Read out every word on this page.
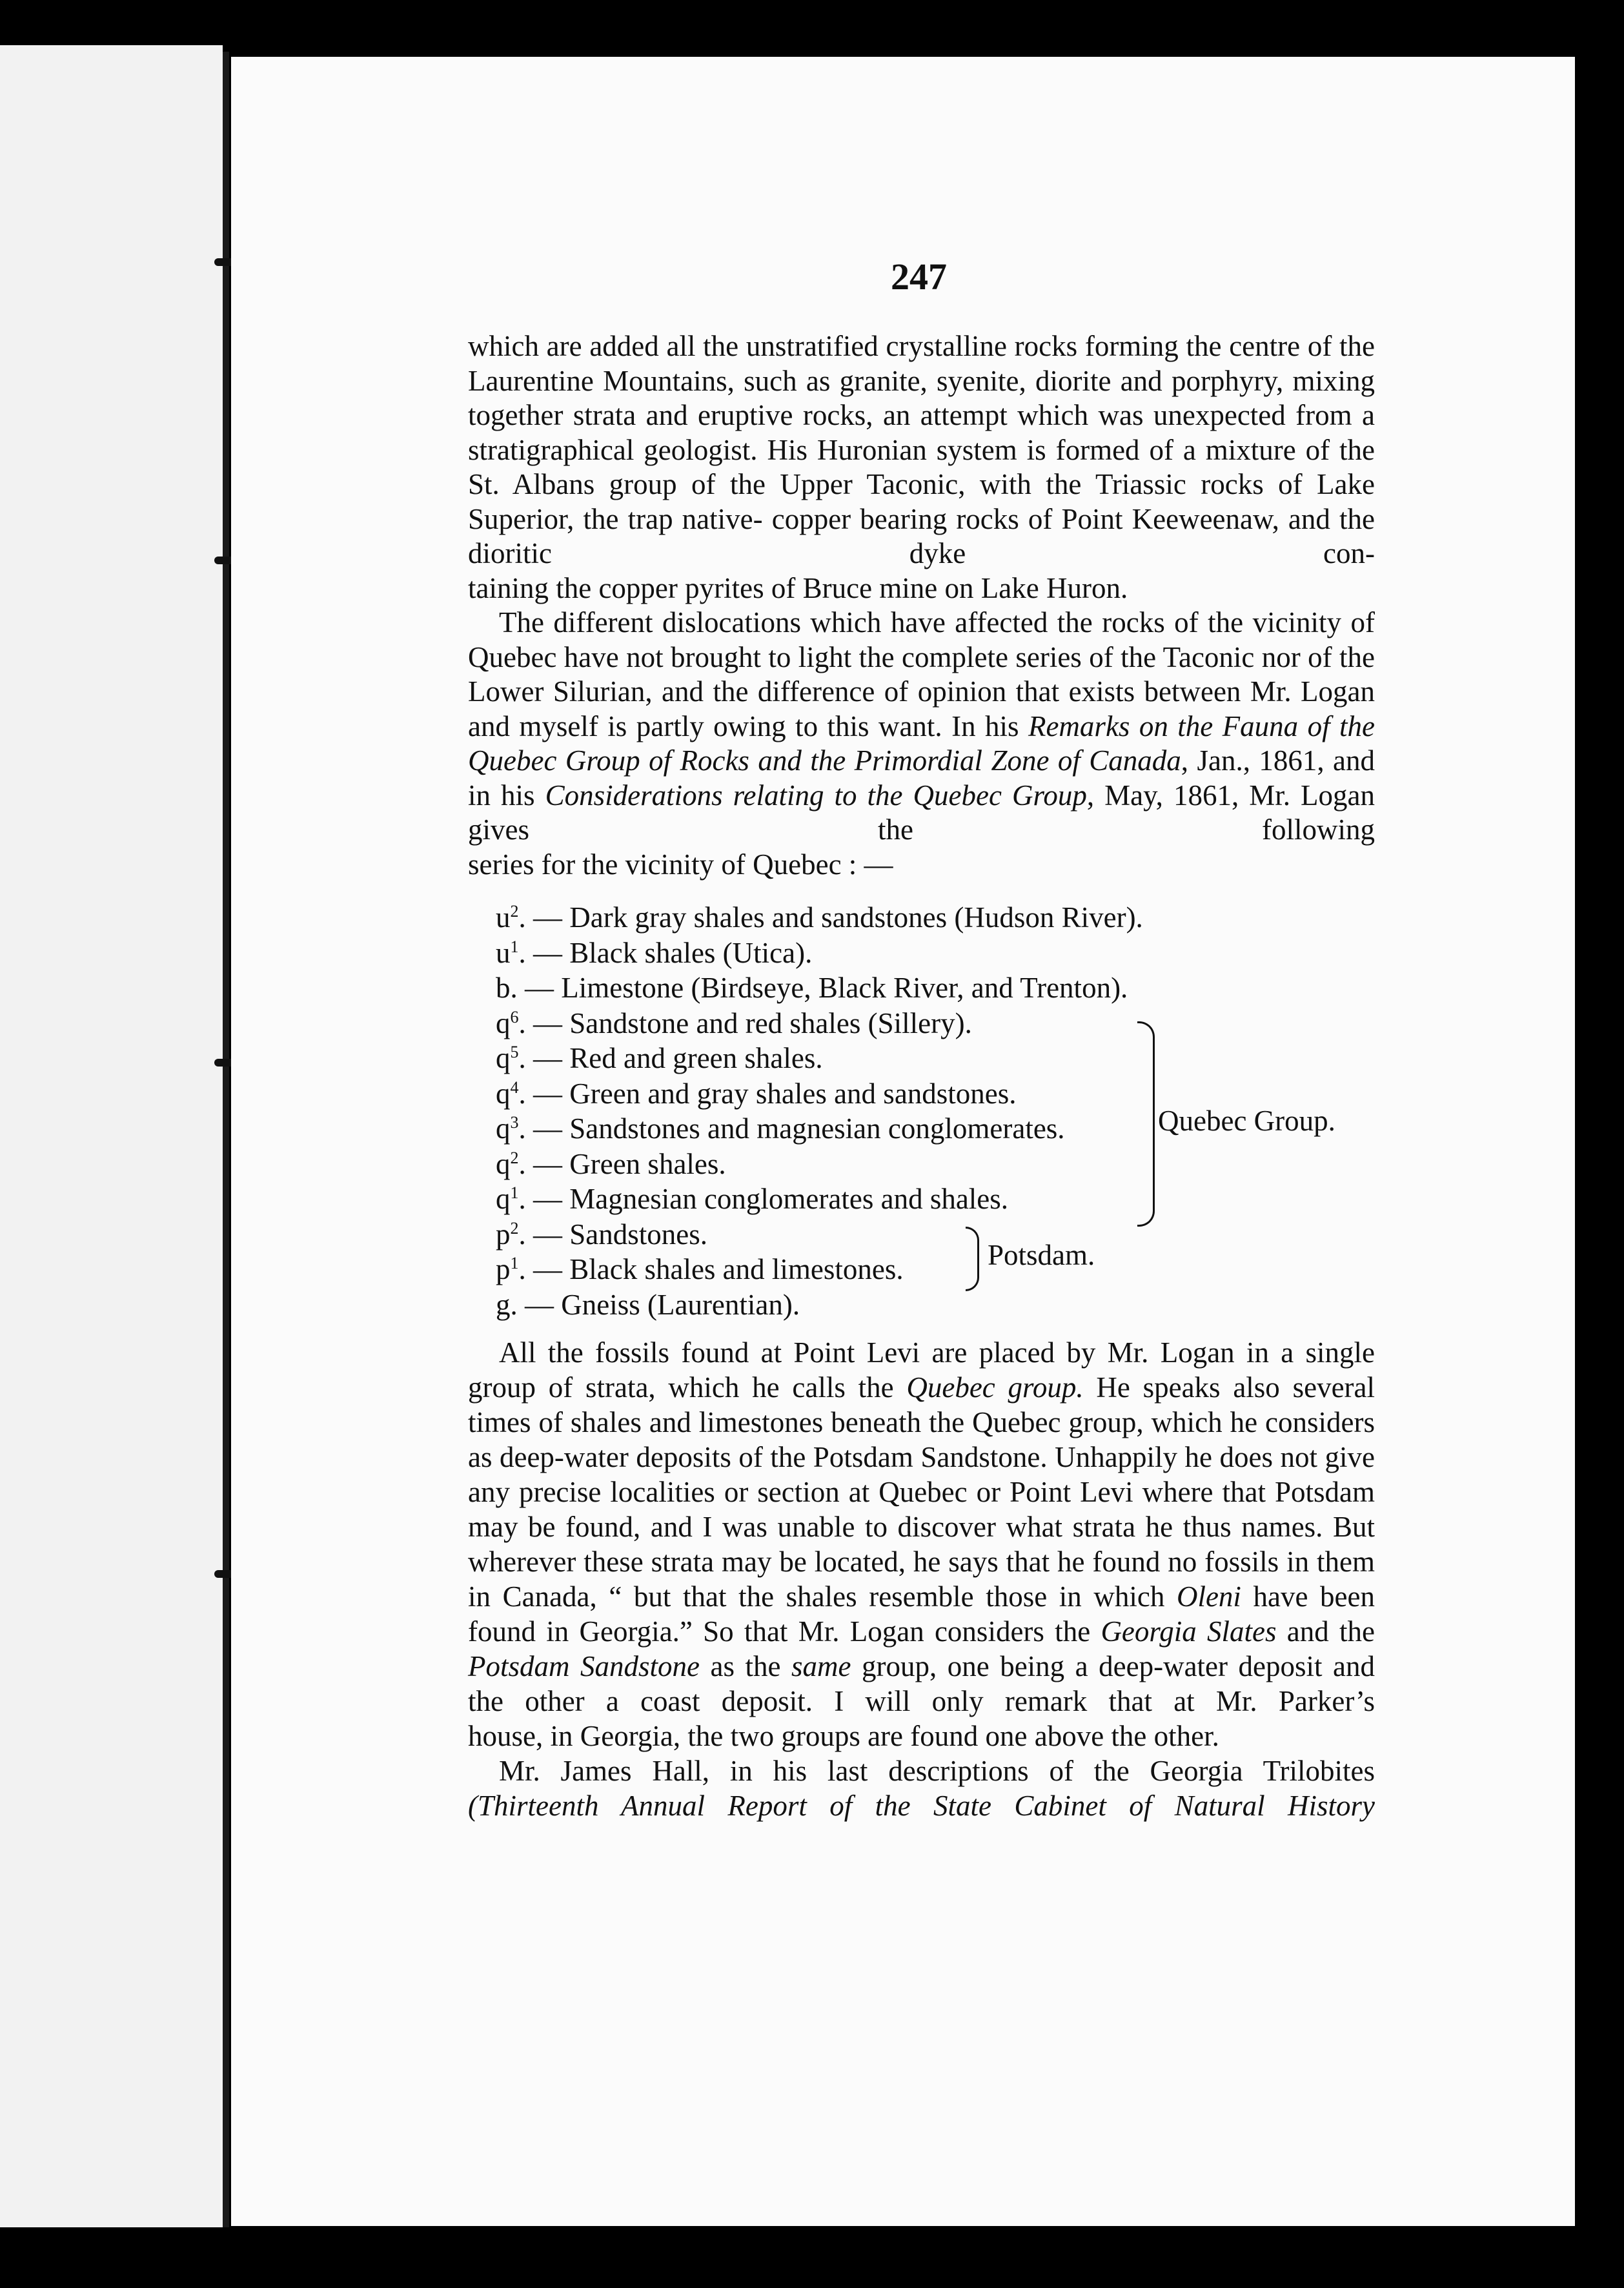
247

which are added all the unstratified crystalline rocks forming the centre of the Laurentine Mountains, such as granite, syenite, diorite and porphyry, mixing together strata and eruptive rocks, an attempt which was unexpected from a stratigraphical geologist. His Huronian system is formed of a mixture of the St. Albans group of the Upper Taconic, with the Triassic rocks of Lake Superior, the trap native- copper bearing rocks of Point Keeweenaw, and the dioritic dyke con-

taining the copper pyrites of Bruce mine on Lake Huron.

The different dislocations which have affected the rocks of the vicinity of Quebec have not brought to light the complete series of the Taconic nor of the Lower Silurian, and the difference of opinion that exists between Mr. Logan and myself is partly owing to this want. In his Remarks on the Fauna of the Quebec Group of Rocks and the Primordial Zone of Canada, Jan., 1861, and in his Considerations relating to the Quebec Group, May, 1861, Mr. Logan gives the following

series for the vicinity of Quebec : —

$u^2$. — Dark gray shales and sandstones (Hudson River).
$u^1$. — Black shales (Utica).
b. — Limestone (Birdseye, Black River, and Trenton).
$q^6$. — Sandstone and red shales (Sillery).
$q^5$. — Red and green shales.
$q^4$. — Green and gray shales and sandstones.
$q^3$. — Sandstones and magnesian conglomerates.
$q^2$. — Green shales.
$q^1$. — Magnesian conglomerates and shales.
$p^2$. — Sandstones.
$p^1$. — Black shales and limestones.
g. — Gneiss (Laurentian).
Quebec Group.
Potsdam.

All the fossils found at Point Levi are placed by Mr. Logan in a single group of strata, which he calls the Quebec group. He speaks also several times of shales and limestones beneath the Quebec group, which he considers as deep-water deposits of the Potsdam Sandstone. Unhappily he does not give any precise localities or section at Quebec or Point Levi where that Potsdam may be found, and I was unable to discover what strata he thus names. But wherever these strata may be located, he says that he found no fossils in them in Canada, “ but that the shales resemble those in which Oleni have been found in Georgia.” So that Mr. Logan considers the Georgia Slates and the Potsdam Sandstone as the same group, one being a deep-water deposit and the other a coast deposit. I will only remark that at Mr. Parker’s

house, in Georgia, the two groups are found one above the other.

Mr. James Hall, in his last descriptions of the Georgia Trilobites (Thirteenth Annual Report of the State Cabinet of Natural History
